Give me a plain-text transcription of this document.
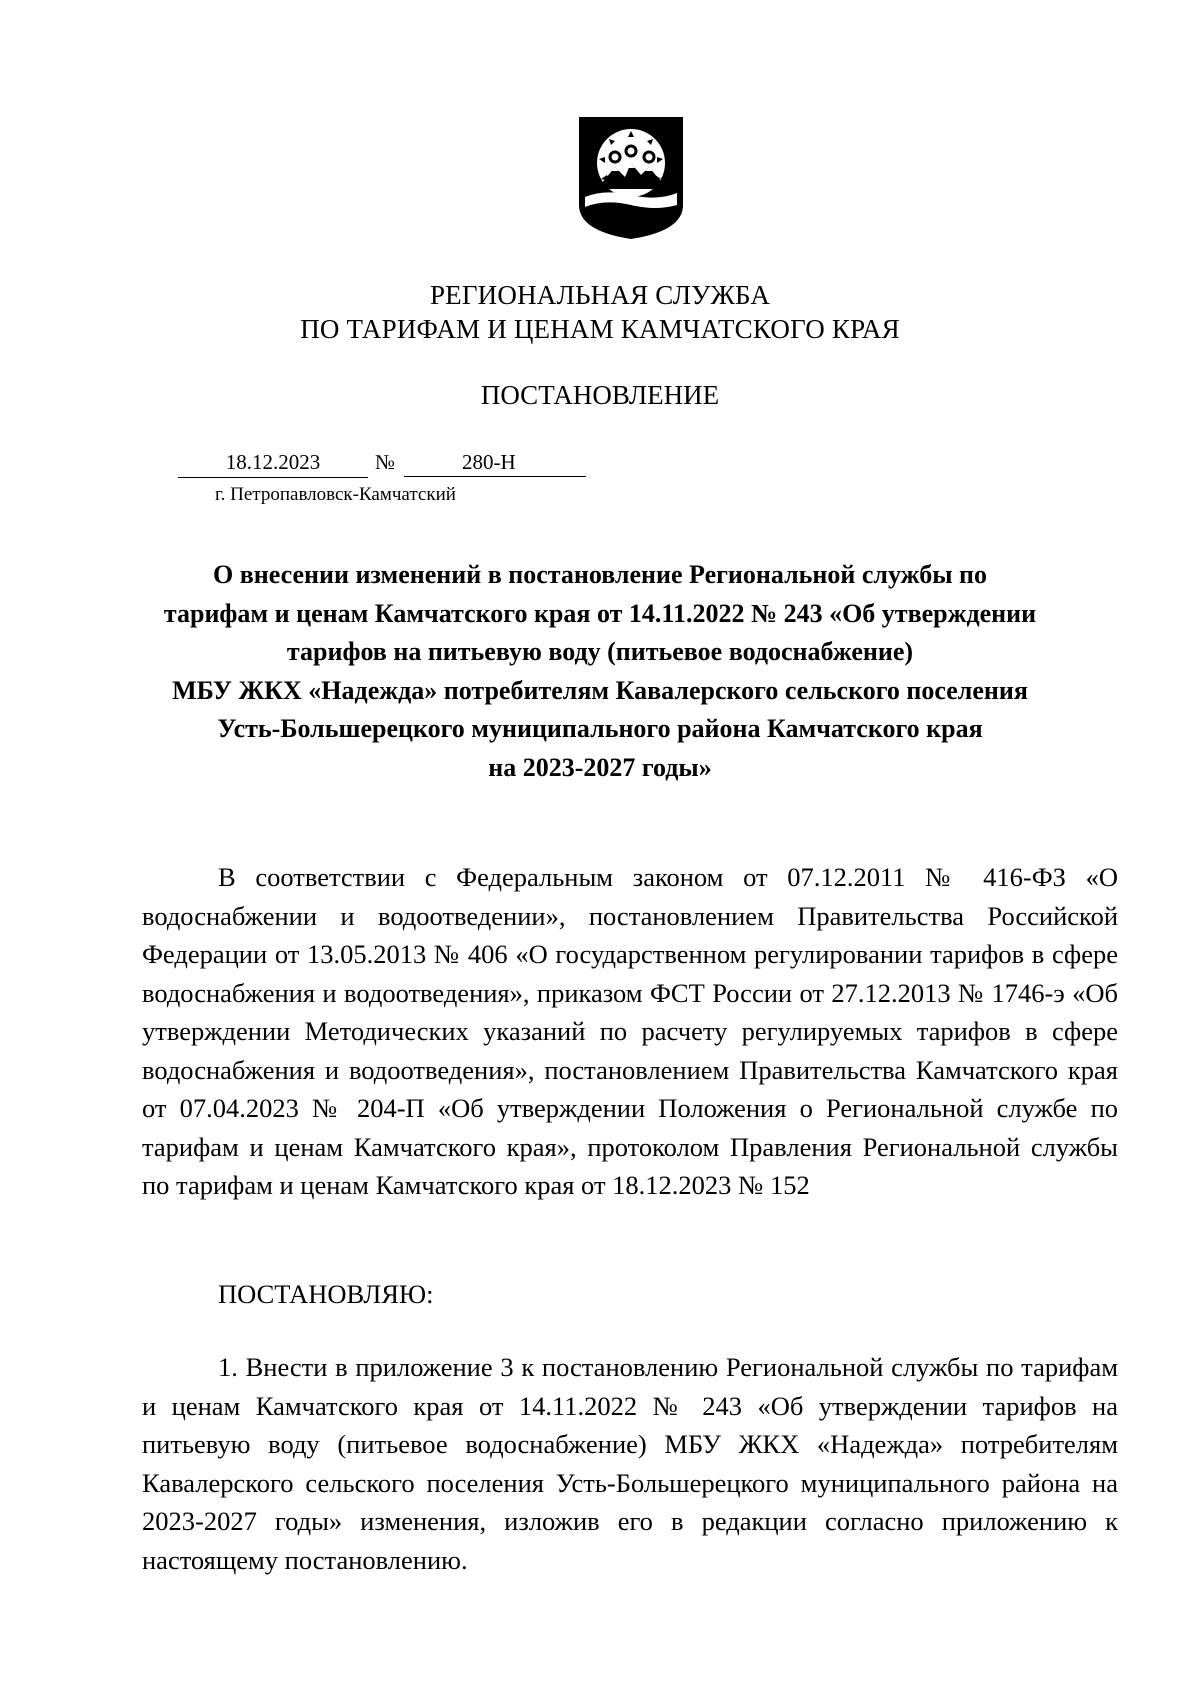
РЕГИОНАЛЬНАЯ СЛУЖБА
ПО ТАРИФАМ И ЦЕНАМ КАМЧАТСКОГО КРАЯ
ПОСТАНОВЛЕНИЕ
18.12.2023	№	280-Н
г. Петропавловск-Камчатский
О внесении изменений в постановление Региональной службы по
тарифам и ценам Камчатского края от 14.11.2022 № 243 «Об утверждении
тарифов на питьевую воду (питьевое водоснабжение)
МБУ ЖКХ «Надежда» потребителям Кавалерского сельского поселения
Усть-Большерецкого муниципального района Камчатского края
на 2023-2027 годы»

В соответствии с Федеральным законом от 07.12.2011 № 416-ФЗ «О водоснабжении и водоотведении», постановлением Правительства Российской Федерации от 13.05.2013 № 406 «О государственном регулировании тарифов в сфере водоснабжения и водоотведения», приказом ФСТ России от 27.12.2013 № 1746-э «Об утверждении Методических указаний по расчету регулируемых тарифов в сфере водоснабжения и водоотведения», постановлением Правительства Камчатского края от 07.04.2023 № 204-П «Об утверждении Положения о Региональной службе по тарифам и ценам Камчатского края», протоколом Правления Региональной службы по тарифам и ценам Камчатского края от 18.12.2023 № 152

ПОСТАНОВЛЯЮ:

1. Внести в приложение 3 к постановлению Региональной службы по тарифам и ценам Камчатского края от 14.11.2022 № 243 «Об утверждении тарифов на питьевую воду (питьевое водоснабжение) МБУ ЖКХ «Надежда» потребителям Кавалерского сельского поселения Усть-Большерецкого муниципального района на 2023-2027 годы» изменения, изложив его в редакции согласно приложению к настоящему постановлению.
